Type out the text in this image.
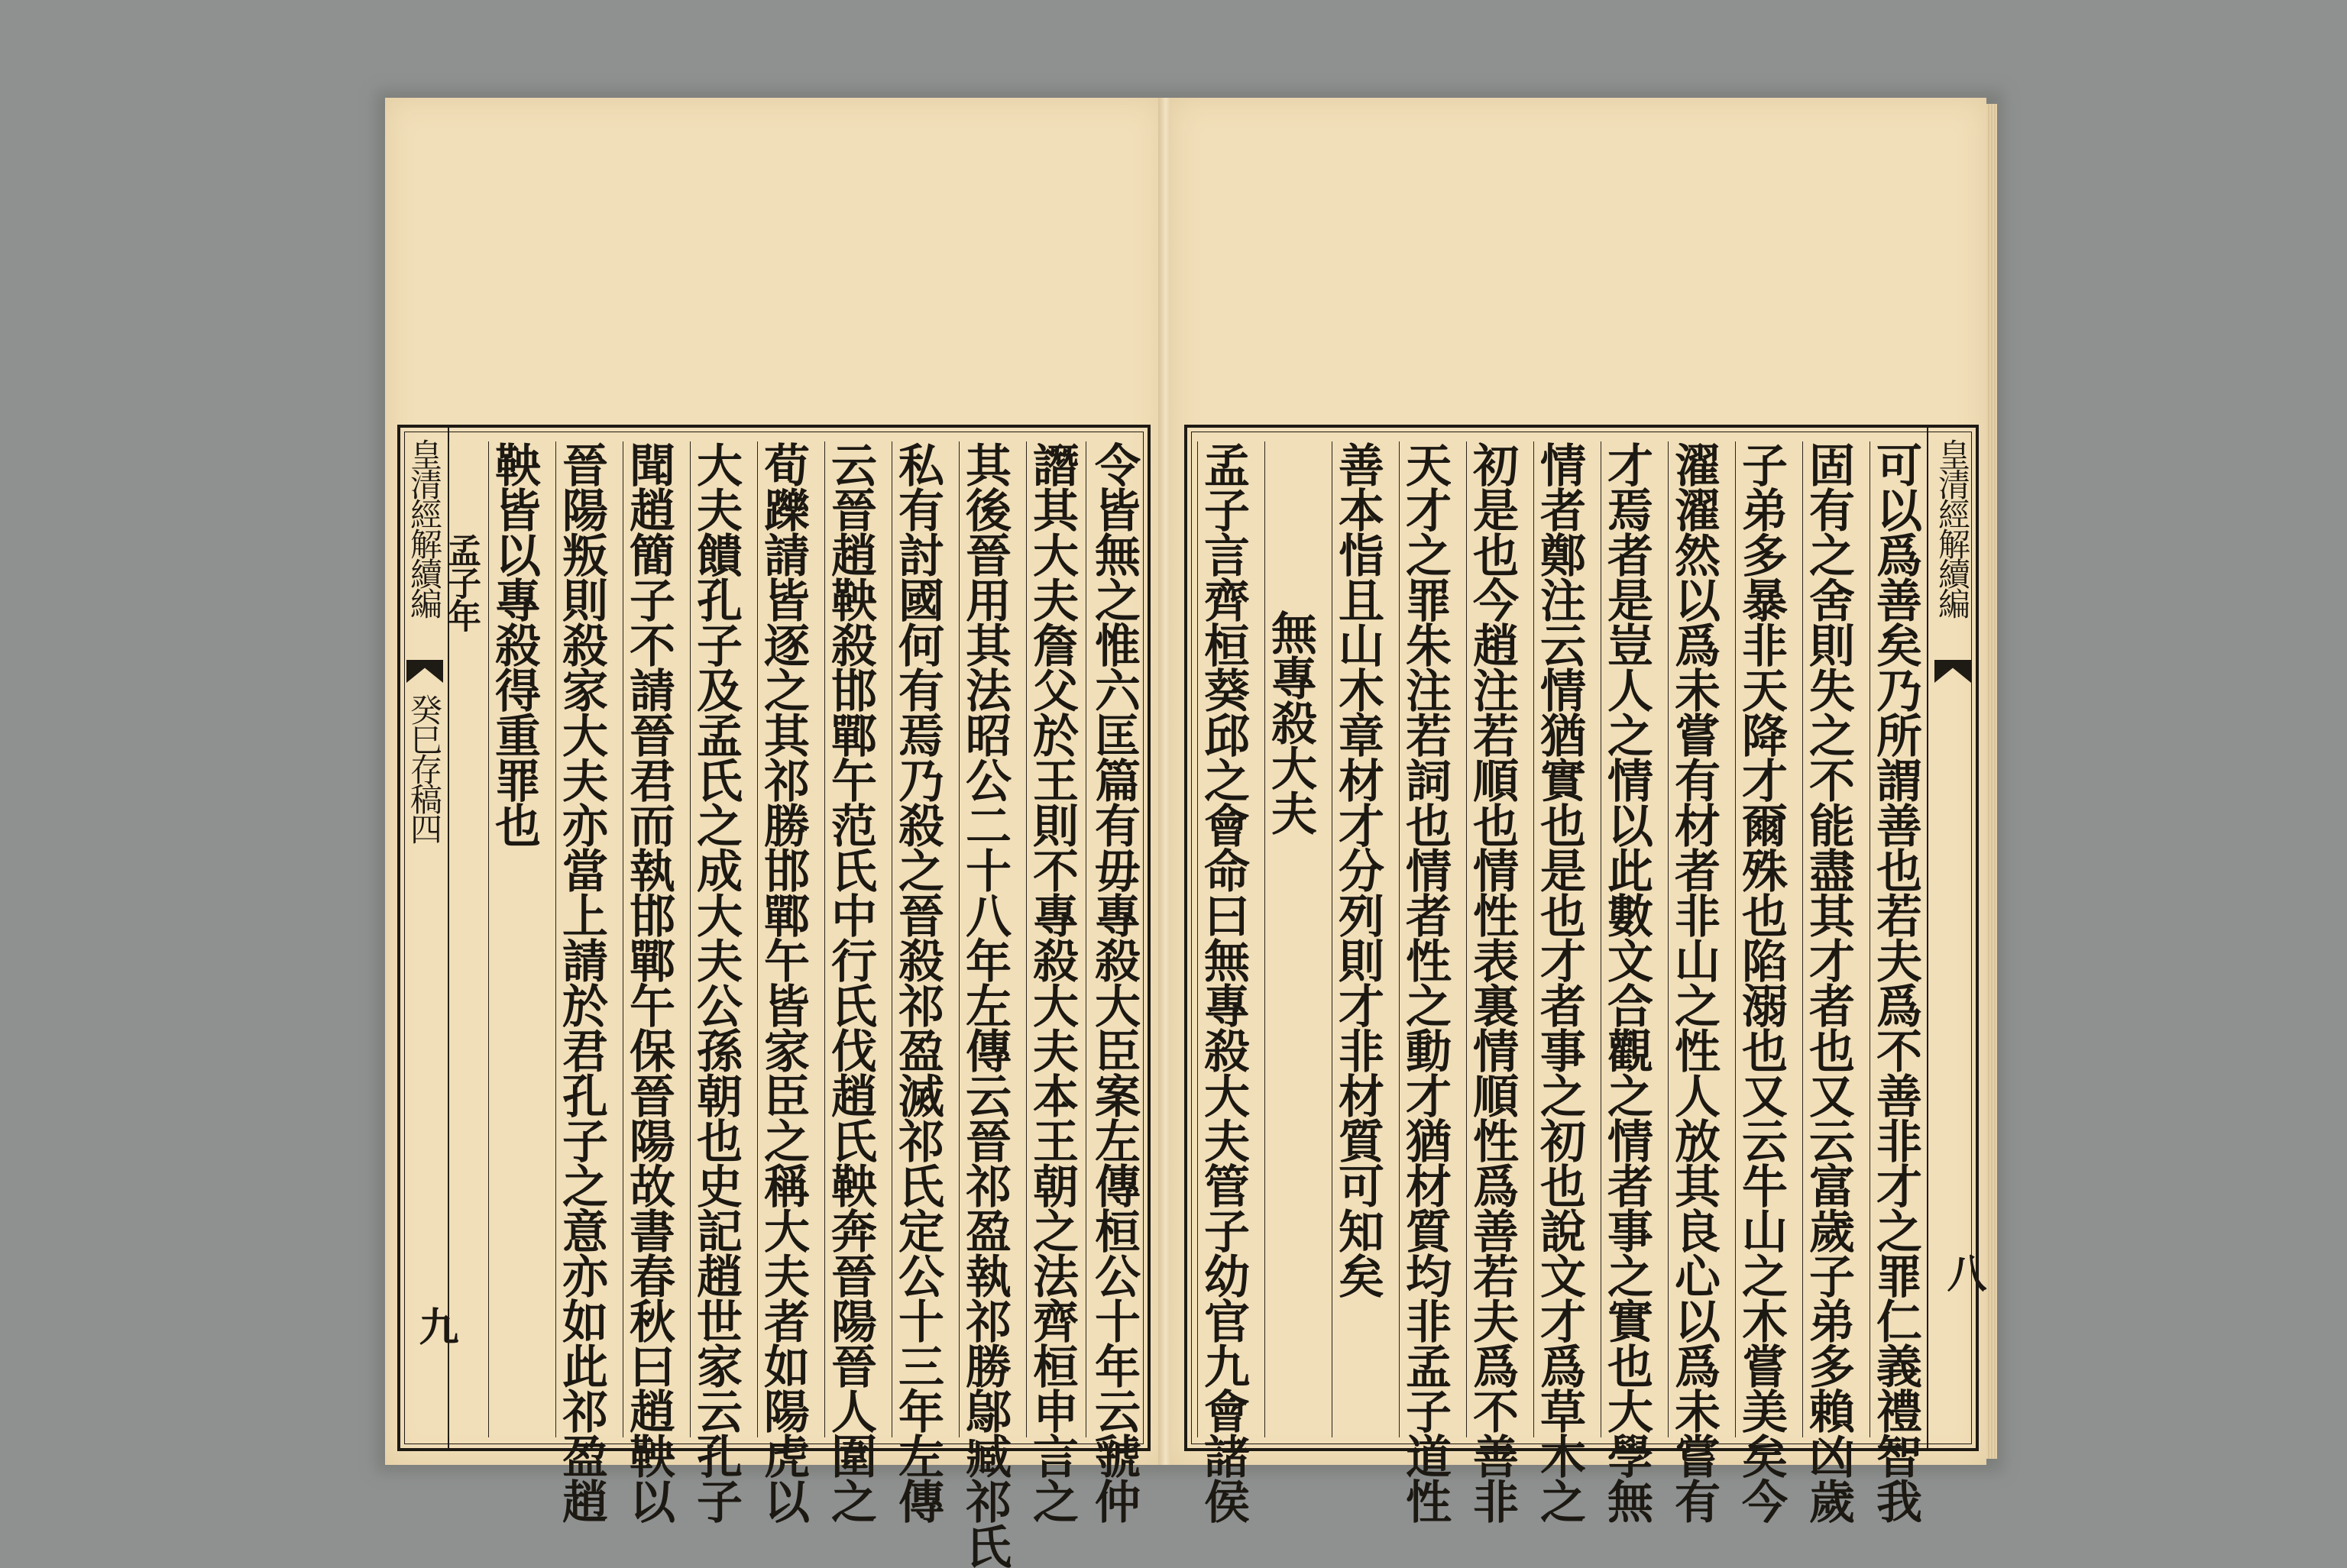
皇清經解續編
癸巳存稿四
九	令皆無之惟六匡篇有毋專殺大臣案左傳桓公十年云虢仲
譖其大夫詹父於王則不專殺大夫本王朝之法齊桓申言之
其後晉用其法昭公二十八年左傳云晉祁盈執祁勝鄔臧祁氏
私有討國何有焉乃殺之晉殺祁盈滅祁氏定公十三年左傳
云晉趙鞅殺邯鄲午范氏中行氏伐趙氏鞅奔晉陽晉人圍之
荀躒請皆逐之其祁勝邯鄲午皆家臣之稱大夫者如陽虎以
大夫饋孔子及孟氏之成大夫公孫朝也史記趙世家云孔子
聞趙簡子不請晉君而執邯鄲午保晉陽故書春秋曰趙鞅以
晉陽叛則殺家大夫亦當上請於君孔子之意亦如此祁盈趙
鞅皆以專殺得重罪也
孟子年	皇清經解續編
八
可以爲善矣乃所謂善也若夫爲不善非才之罪仁義禮智我
固有之舍則失之不能盡其才者也又云富歲子弟多賴凶歲
子弟多暴非天降才爾殊也陷溺也又云牛山之木嘗美矣今
濯濯然以爲未嘗有材者非山之性人放其良心以爲未嘗有
才焉者是豈人之情以此數文合觀之情者事之實也大學無
情者鄭注云情猶實也是也才者事之初也說文才爲草木之
初是也今趙注若順也情性表裏情順性爲善若夫爲不善非
天才之罪朱注若詞也情者性之動才猶材質均非孟子道性
善本恉且山木章材才分列則才非材質可知矣
無專殺大夫
孟子言齊桓葵邱之會命曰無專殺大夫管子幼官九會諸侯
